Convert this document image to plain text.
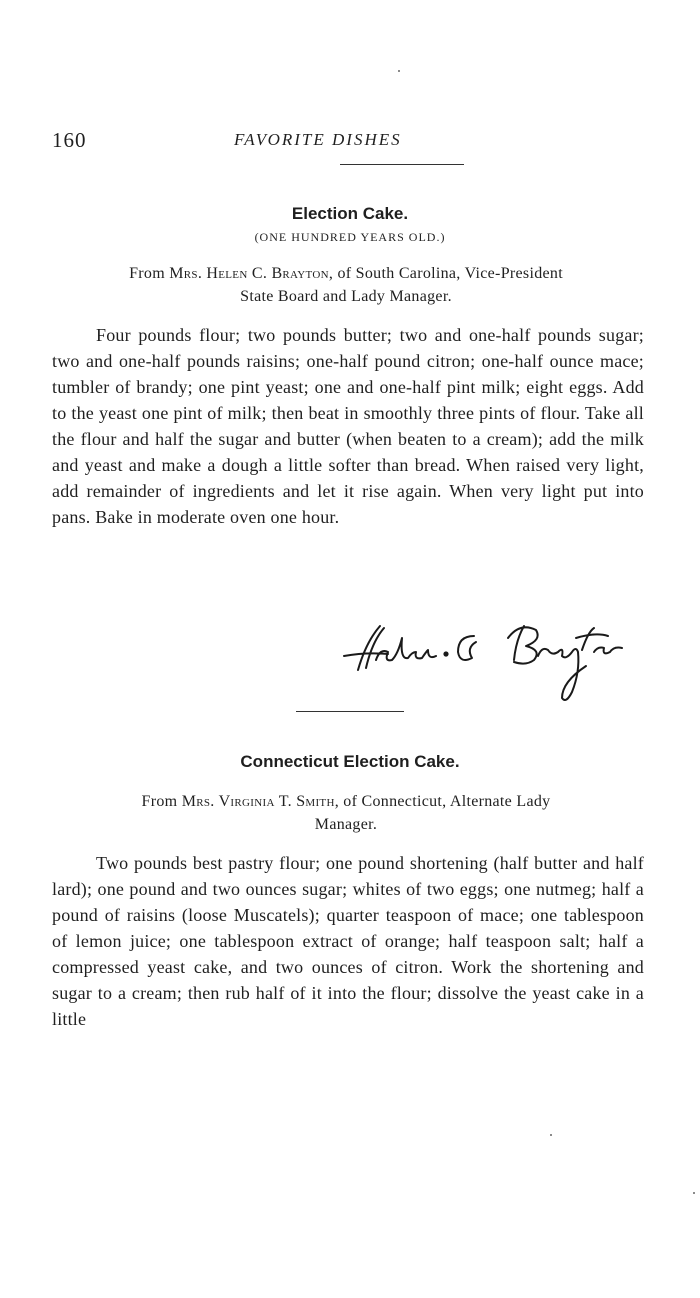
160	FAVORITE DISHES
Election Cake.
(ONE HUNDRED YEARS OLD.)
From Mrs. Helen C. Brayton, of South Carolina, Vice-President
State Board and Lady Manager.

Four pounds flour; two pounds butter; two and one-half pounds sugar; two and one-half pounds raisins; one-half pound citron; one-half ounce mace; tumbler of brandy; one pint yeast; one and one-half pint milk; eight eggs. Add to the yeast one pint of milk; then beat in smoothly three pints of flour. Take all the flour and half the sugar and butter (when beaten to a cream); add the milk and yeast and make a dough a little softer than bread. When raised very light, add remainder of ingredients and let it rise again. When very light put into pans. Bake in moderate oven one hour.

Connecticut Election Cake.
From Mrs. Virginia T. Smith, of Connecticut, Alternate Lady
Manager.

Two pounds best pastry flour; one pound shortening (half butter and half lard); one pound and two ounces sugar; whites of two eggs; one nutmeg; half a pound of raisins (loose Muscatels); quarter teaspoon of mace; one tablespoon of lemon juice; one tablespoon extract of orange; half teaspoon salt; half a compressed yeast cake, and two ounces of citron. Work the shortening and sugar to a cream; then rub half of it into the flour; dissolve the yeast cake in a little
